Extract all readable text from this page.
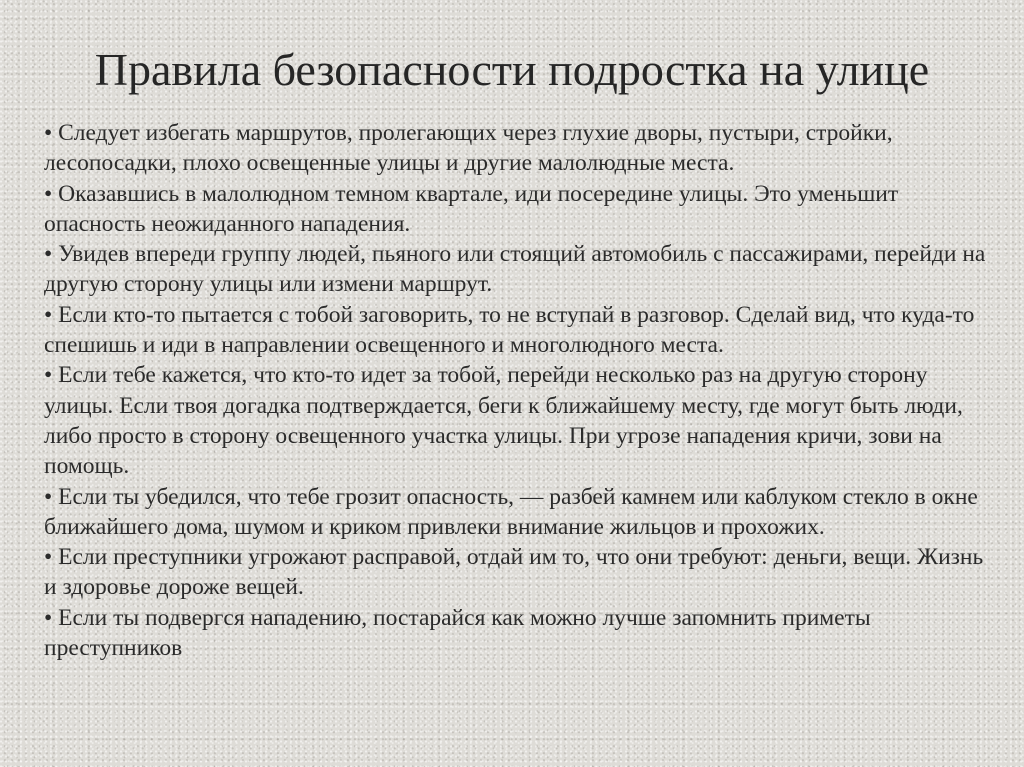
Правила безопасности подростка на улице
• Следует избегать маршрутов, пролегающих через глухие дворы, пустыри, стройки, лесопосадки, плохо освещенные улицы и другие малолюдные места.
• Оказавшись в малолюдном темном квартале, иди посередине улицы. Это уменьшит опасность неожиданного нападения.
• Увидев впереди группу людей, пьяного или стоящий автомобиль с пассажирами, перейди на другую сторону улицы или измени маршрут.
• Если кто-то пытается с тобой заговорить, то не вступай в разговор. Сделай вид, что куда-то спешишь и иди в направлении освещенного и многолюдного места.
• Если тебе кажется, что кто-то идет за тобой, перейди несколько раз на другую сторону улицы. Если твоя догадка подтверждается, беги к ближайшему месту, где могут быть люди, либо просто в сторону освещенного участка улицы. При угрозе нападения кричи, зови на помощь.
• Если ты убедился, что тебе грозит опасность, — разбей камнем или каблуком стекло в окне ближайшего дома, шумом и криком привлеки внимание жильцов и прохожих.
• Если преступники угрожают расправой, отдай им то, что они требуют: деньги, вещи. Жизнь и здоровье дороже вещей.
• Если ты подвергся нападению, постарайся как можно лучше запомнить приметы преступников
